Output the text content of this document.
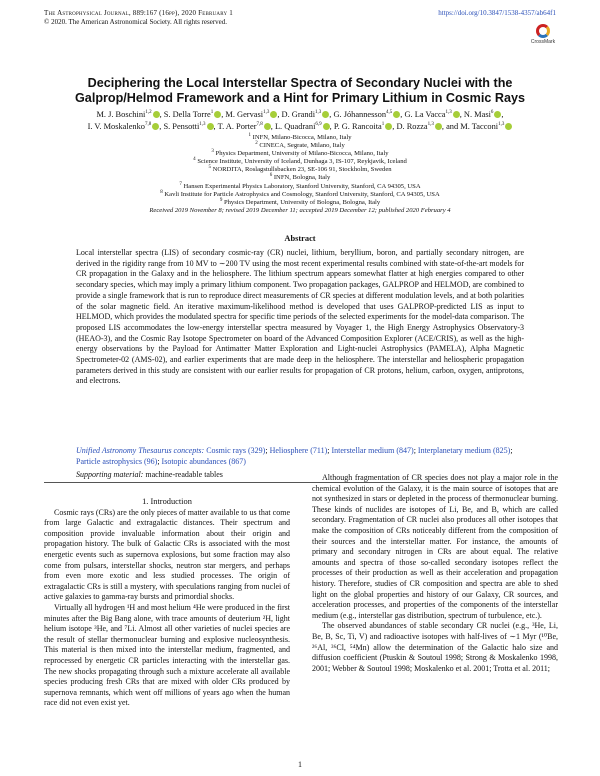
The Astrophysical Journal, 889:167 (16pp), 2020 February 1
© 2020. The American Astronomical Society. All rights reserved.
https://doi.org/10.3847/1538-4357/ab64f1
CrossMark
Deciphering the Local Interstellar Spectra of Secondary Nuclei with the Galprop/Helmod Framework and a Hint for Primary Lithium in Cosmic Rays
M. J. Boschini$^{1,2}$ , S. Della Torre$^1$ , M. Gervasi$^{1,3}$ , D. Grandi$^{1,3}$ , G. Jóhannesson$^{4,5}$ , G. La Vacca$^{1,3}$ , N. Masi$^6$ ,
I. V. Moskalenko$^{7,8}$ , S. Pensotti$^{1,3}$ , T. A. Porter$^{7,8}$ , L. Quadrani$^{6,9}$ , P. G. Rancoita$^1$ , D. Rozza$^{1,3}$ , and M. Tacconi$^{1,3}$
$^1$ INFN, Milano-Bicocca, Milano, Italy
$^2$ CINECA, Segrate, Milano, Italy
$^3$ Physics Department, University of Milano-Bicocca, Milano, Italy
$^4$ Science Institute, University of Iceland, Dunhaga 3, IS-107, Reykjavik, Iceland
$^5$ NORDITA, Roslagstullsbacken 23, SE-106 91, Stockholm, Sweden
$^6$ INFN, Bologna, Italy
$^7$ Hansen Experimental Physics Laboratory, Stanford University, Stanford, CA 94305, USA
$^8$ Kavli Institute for Particle Astrophysics and Cosmology, Stanford University, Stanford, CA 94305, USA
$^9$ Physics Department, University of Bologna, Bologna, Italy
Received 2019 November 8; revised 2019 December 11; accepted 2019 December 12; published 2020 February 4
Abstract
Local interstellar spectra (LIS) of secondary cosmic-ray (CR) nuclei, lithium, beryllium, boron, and partially secondary nitrogen, are derived in the rigidity range from 10 MV to ∼200 TV using the most recent experimental results combined with state-of-the-art models for CR propagation in the Galaxy and in the heliosphere. The lithium spectrum appears somewhat flatter at high energies compared to other secondary species, which may imply a primary lithium component. Two propagation packages, GALPROP and HELMOD, are combined to provide a single framework that is run to reproduce direct measurements of CR species at different modulation levels, and at both polarities of the solar magnetic field. An iterative maximum-likelihood method is developed that uses GALPROP-predicted LIS as input to HELMOD, which provides the modulated spectra for specific time periods of the selected experiments for the model-data comparison. The proposed LIS accommodates the low-energy interstellar spectra measured by Voyager 1, the High Energy Astrophysics Observatory-3 (HEAO-3), and the Cosmic Ray Isotope Spectrometer on board of the Advanced Composition Explorer (ACE/CRIS), as well as the high-energy observations by the Payload for Antimatter Matter Exploration and Light-nuclei Astrophysics (PAMELA), Alpha Magnetic Spectrometer-02 (AMS-02), and earlier experiments that are made deep in the heliosphere. The interstellar and heliospheric propagation parameters derived in this study are consistent with our earlier results for propagation of CR protons, helium, carbon, oxygen, antiprotons, and electrons.
Unified Astronomy Thesaurus concepts: Cosmic rays (329); Heliosphere (711); Interstellar medium (847); Interplanetary medium (825); Particle astrophysics (96); Isotopic abundances (867)
Supporting material: machine-readable tables

1. Introduction

Cosmic rays (CRs) are the only pieces of matter available to us that come from large Galactic and extragalactic distances. Their spectrum and composition provide invaluable information about their origin and propagation history. The bulk of Galactic CRs is associated with the most energetic events such as supernova explosions, but some fraction may also come from pulsars, interstellar shocks, neutron star mergers, and perhaps from even more exotic and less studied processes. The origin of extragalactic CRs is still a mystery, with speculations ranging from nuclei of active galaxies to gamma-ray bursts and primordial shocks.

Virtually all hydrogen ¹H and most helium ⁴He were produced in the first minutes after the Big Bang alone, with trace amounts of deuterium ²H, light helium isotope ³He, and ⁷Li. Almost all other varieties of nuclei species are the result of stellar thermonuclear burning and explosive nucleosynthesis. This material is then mixed into the interstellar medium, fragmented, and reprocessed by energetic CR particles interacting with the interstellar gas. The new shocks propagating through such a mixture accelerate all available species producing fresh CRs that are mixed with older CRs produced by supernova remnants, which went off millions of years ago when the human race did not even exist yet.

Although fragmentation of CR species does not play a major role in the chemical evolution of the Galaxy, it is the main source of isotopes that are not synthesized in stars or depleted in the process of thermonuclear burning. These kinds of nuclides are isotopes of Li, Be, and B, which are called secondary. Fragmentation of CR nuclei also produces all other isotopes that make the composition of CRs noticeably different from the composition of their sources and the interstellar matter. For instance, the amounts of primary and secondary nitrogen in CRs are about equal. The relative amounts and spectra of those so-called secondary isotopes reflect the processes of their production as well as their acceleration and propagation history. Therefore, studies of CR composition and spectra are able to shed light on the global properties and history of our Galaxy, CR sources, and acceleration processes, and properties of the components of the interstellar medium (e.g., interstellar gas distribution, spectrum of turbulence, etc.).

The observed abundances of stable secondary CR nuclei (e.g., ³He, Li, Be, B, Sc, Ti, V) and radioactive isotopes with half-lives of ∼1 Myr (¹⁰Be, ²⁶Al, ³⁶Cl, ⁵⁴Mn) allow the determination of the Galactic halo size and diffusion coefficient (Ptuskin & Soutoul 1998; Strong & Moskalenko 1998, 2001; Webber & Soutoul 1998; Moskalenko et al. 2001; Trotta et al. 2011;

1
